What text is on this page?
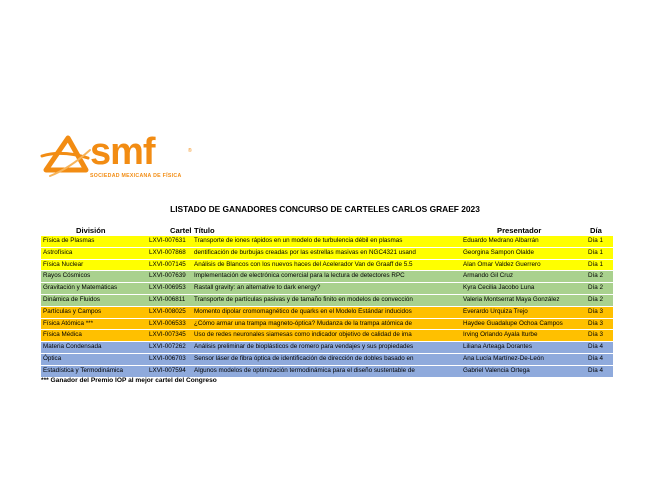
smf	®
SOCIEDAD MEXICANA DE FÍSICA
LISTADO DE GANADORES CONCURSO DE CARTELES CARLOS GRAEF 2023
División	Cartel Título	Presentador	Día
Física de Plasmas	LXVI-007631	Transporte de iones rápidos en un modelo de turbulencia débil en plasmas	Eduardo Medrano Albarrán	Día 1
Astrofísica	LXVI-007868	dentificación de burbujas creadas por las estrellas masivas en NGC4321 usand	Georgina Sampon Olalde	Día 1
Física Nuclear	LXVI-007145	Análisis de Blancos con los nuevos haces del Acelerador Van de Graaff de 5.5	Alan Omar Valdez Guerrero	Día 1
Rayos Cósmicos	LXVI-007639	Implementación de electrónica comercial para la lectura de detectores RPC	Armando Gil Cruz	Día 2
Gravitación y Matemáticas	LXVI-006953	Rastall gravity: an alternative to dark energy?	Kyra Cecilia Jacobo Luna	Día 2
Dinámica de Fluidos	LXVI-006811	Transporte de partículas pasivas y de tamaño finito en modelos de convección	Valeria Montserrat Maya González	Día 2
Partículas y Campos	LXVI-008025	Momento dipolar cromomagnético de quarks en el Modelo Estándar inducidos	Everardo Urquiza Trejo	Día 3
Física Atómica ***	LXVI-006533	¿Cómo armar una trampa magneto-óptica? Mudanza de la trampa atómica de	Haydee Guadalupe Ochoa Campos	Día 3
Física Médica	LXVI-007345	Uso de redes neuronales siamesas como indicador objetivo de calidad de ima	Irving Orlando Ayala Iturbe	Día 3
Materia Condensada	LXVI-007262	Análisis preliminar de bioplásticos de romero para vendajes y sus propiedades	Liliana Arteaga Dorantes	Día 4
Óptica	LXVI-006703	Sensor láser de fibra óptica de identificación de dirección de dobles basado en	Ana Lucía Martínez-De-León	Día 4
Estadística y Termodinámica	LXVI-007594	Algunos modelos de optimización termodinámica para el diseño sustentable de	Gabriel Valencia Ortega	Día 4
*** Ganador del Premio IOP al mejor cartel del Congreso
